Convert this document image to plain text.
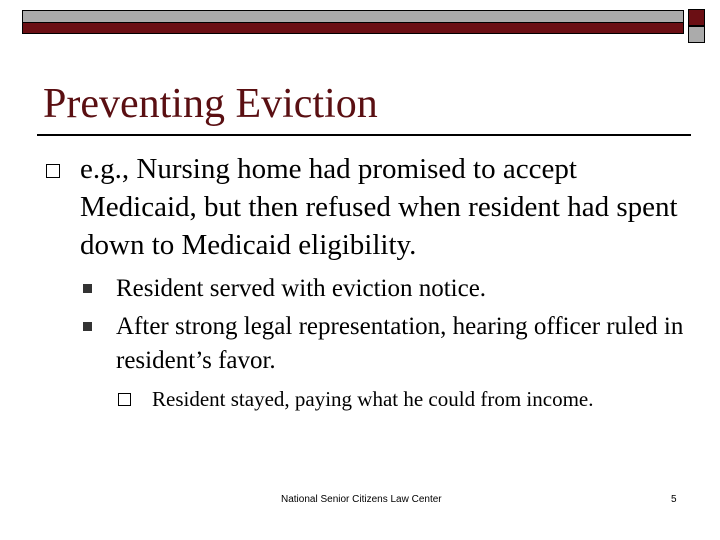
Preventing Eviction
e.g., Nursing home had promised to accept Medicaid, but then refused when resident had spent down to Medicaid eligibility.
Resident served with eviction notice.
After strong legal representation, hearing officer ruled in resident’s favor.
Resident stayed, paying what he could from income.
National Senior Citizens Law Center	5
